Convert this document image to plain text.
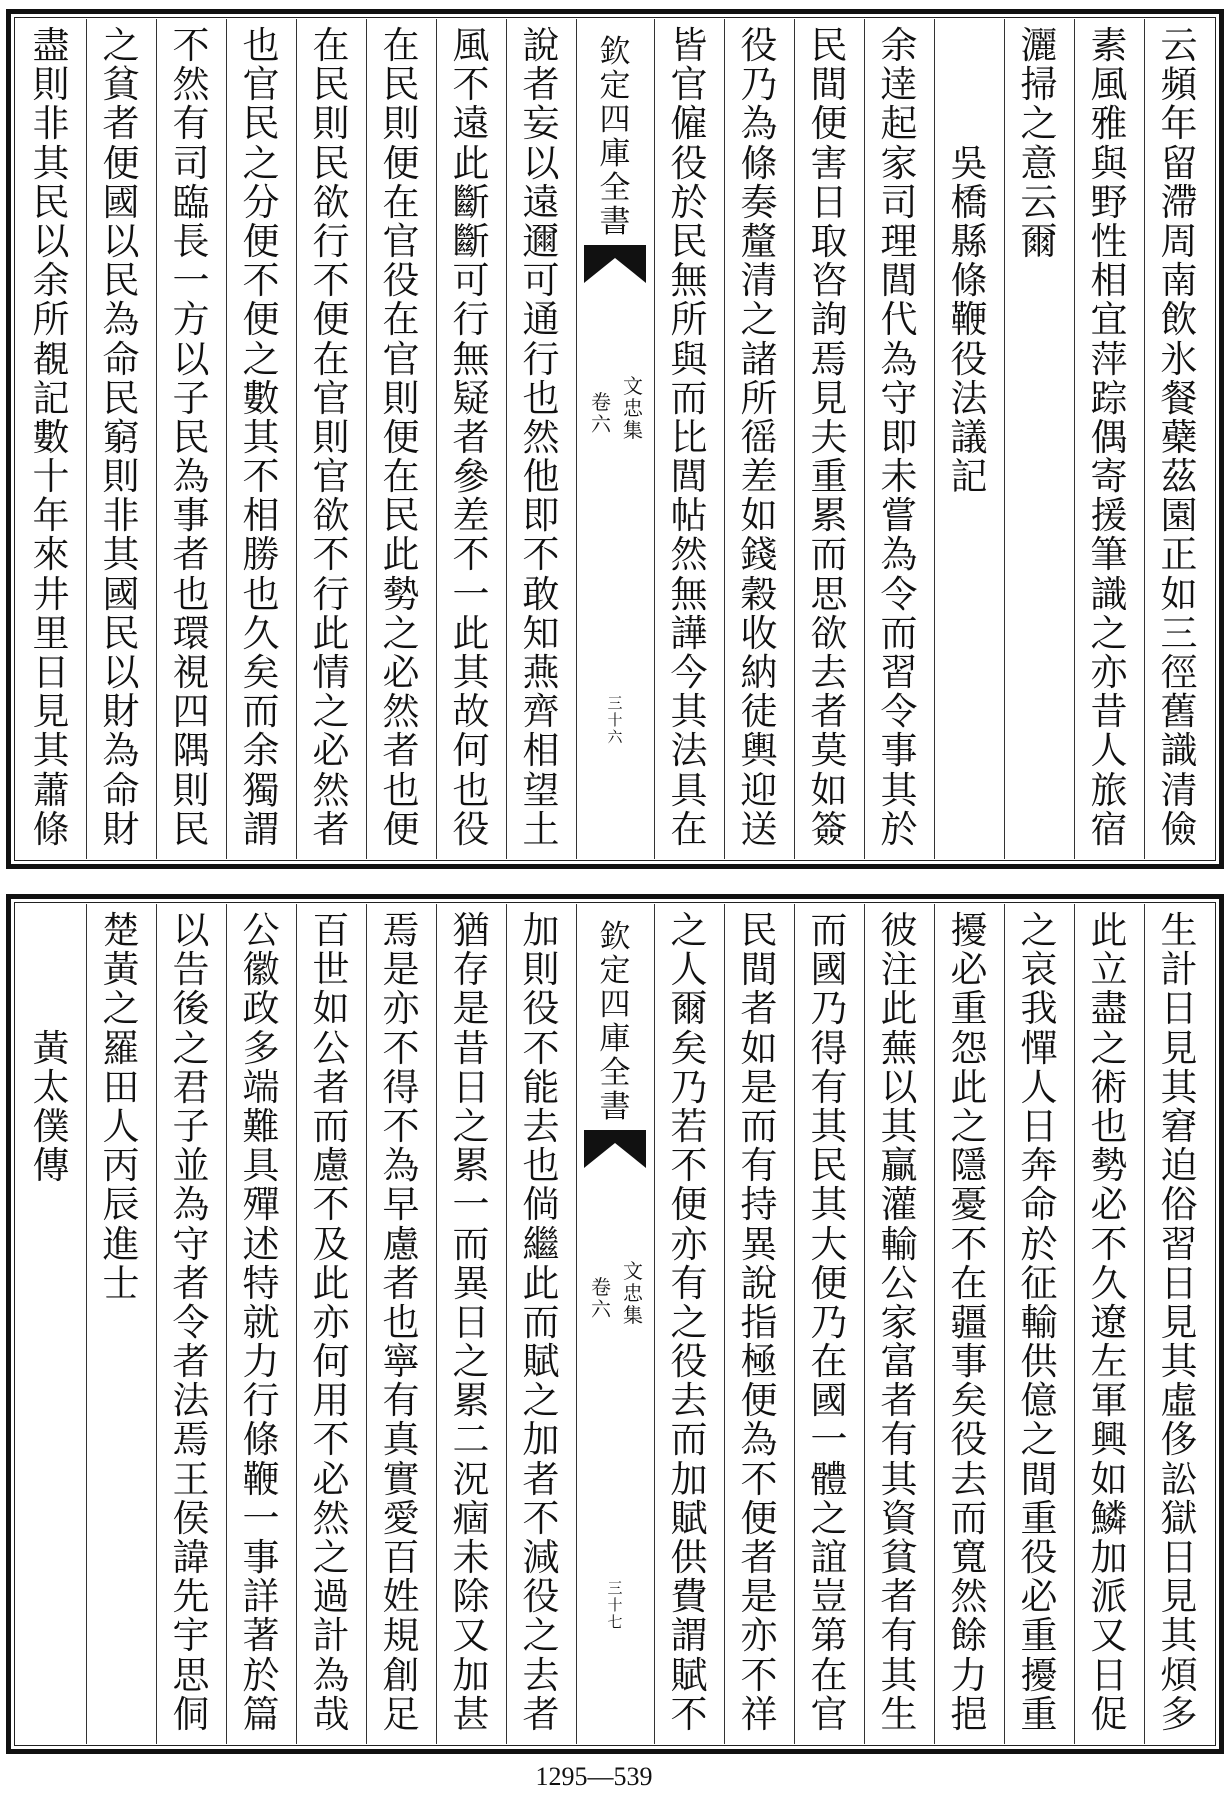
云
頻
年
留
滯
周
南
飲
氷
餐
蘗
茲
園
正
如
三
徑
舊
識
清
儉
素
風
雅
與
野
性
相
宜
萍
踪
偶
寄
援
筆
識
之
亦
昔
人
旅
宿
灑
掃
之
意
云
爾
吳
橋
縣
條
鞭
役
法
議
記
余
逹
起
家
司
理
閭
代
為
守
即
未
嘗
為
令
而
習
令
事
其
於
民
間
便
害
日
取
咨
詢
焉
見
夫
重
累
而
思
欲
去
者
莫
如
簽
役
乃
為
條
奏
釐
清
之
諸
所
徭
差
如
錢
穀
收
納
徒
輿
迎
送
皆
官
僱
役
於
民
無
所
與
而
比
閭
帖
然
無
譁
今
其
法
具
在
欽
定
四
庫
全
書
文
忠
集
卷
六
三
十
六
說
者
妄
以
遠
邇
可
通
行
也
然
他
即
不
敢
知
燕
齊
相
望
土
風
不
遠
此
斷
斷
可
行
無
疑
者
參
差
不
一
此
其
故
何
也
役
在
民
則
便
在
官
役
在
官
則
便
在
民
此
勢
之
必
然
者
也
便
在
民
則
民
欲
行
不
便
在
官
則
官
欲
不
行
此
情
之
必
然
者
也
官
民
之
分
便
不
便
之
數
其
不
相
勝
也
久
矣
而
余
獨
謂
不
然
有
司
臨
長
一
方
以
子
民
為
事
者
也
環
視
四
隅
則
民
之
貧
者
便
國
以
民
為
命
民
窮
則
非
其
國
民
以
財
為
命
財
盡
則
非
其
民
以
余
所
覩
記
數
十
年
來
井
里
日
見
其
蕭
條
生
計
日
見
其
窘
迫
俗
習
日
見
其
虛
侈
訟
獄
日
見
其
煩
多
此
立
盡
之
術
也
勢
必
不
久
遼
左
軍
興
如
鱗
加
派
又
日
促
之
哀
我
憚
人
日
奔
命
於
征
輸
供
億
之
間
重
役
必
重
擾
重
擾
必
重
怨
此
之
隱
憂
不
在
疆
事
矣
役
去
而
寬
然
餘
力
挹
彼
注
此
蕪
以
其
贏
灌
輸
公
家
富
者
有
其
資
貧
者
有
其
生
而
國
乃
得
有
其
民
其
大
便
乃
在
國
一
體
之
誼
豈
第
在
官
民
間
者
如
是
而
有
持
異
說
指
極
便
為
不
便
者
是
亦
不
祥
之
人
爾
矣
乃
若
不
便
亦
有
之
役
去
而
加
賦
供
費
謂
賦
不
欽
定
四
庫
全
書
文
忠
集
卷
六
三
十
七
加
則
役
不
能
去
也
倘
繼
此
而
賦
之
加
者
不
減
役
之
去
者
猶
存
是
昔
日
之
累
一
而
異
日
之
累
二
況
痼
未
除
又
加
甚
焉
是
亦
不
得
不
為
早
慮
者
也
寧
有
真
實
愛
百
姓
規
創
足
百
世
如
公
者
而
慮
不
及
此
亦
何
用
不
必
然
之
過
計
為
哉
公
徽
政
多
端
難
具
殫
述
特
就
力
行
條
鞭
一
事
詳
著
於
篇
以
告
後
之
君
子
並
為
守
者
令
者
法
焉
王
侯
諱
先
宇
思
侗
楚
黃
之
羅
田
人
丙
辰
進
士
黃
太
僕
傳
1295—539
